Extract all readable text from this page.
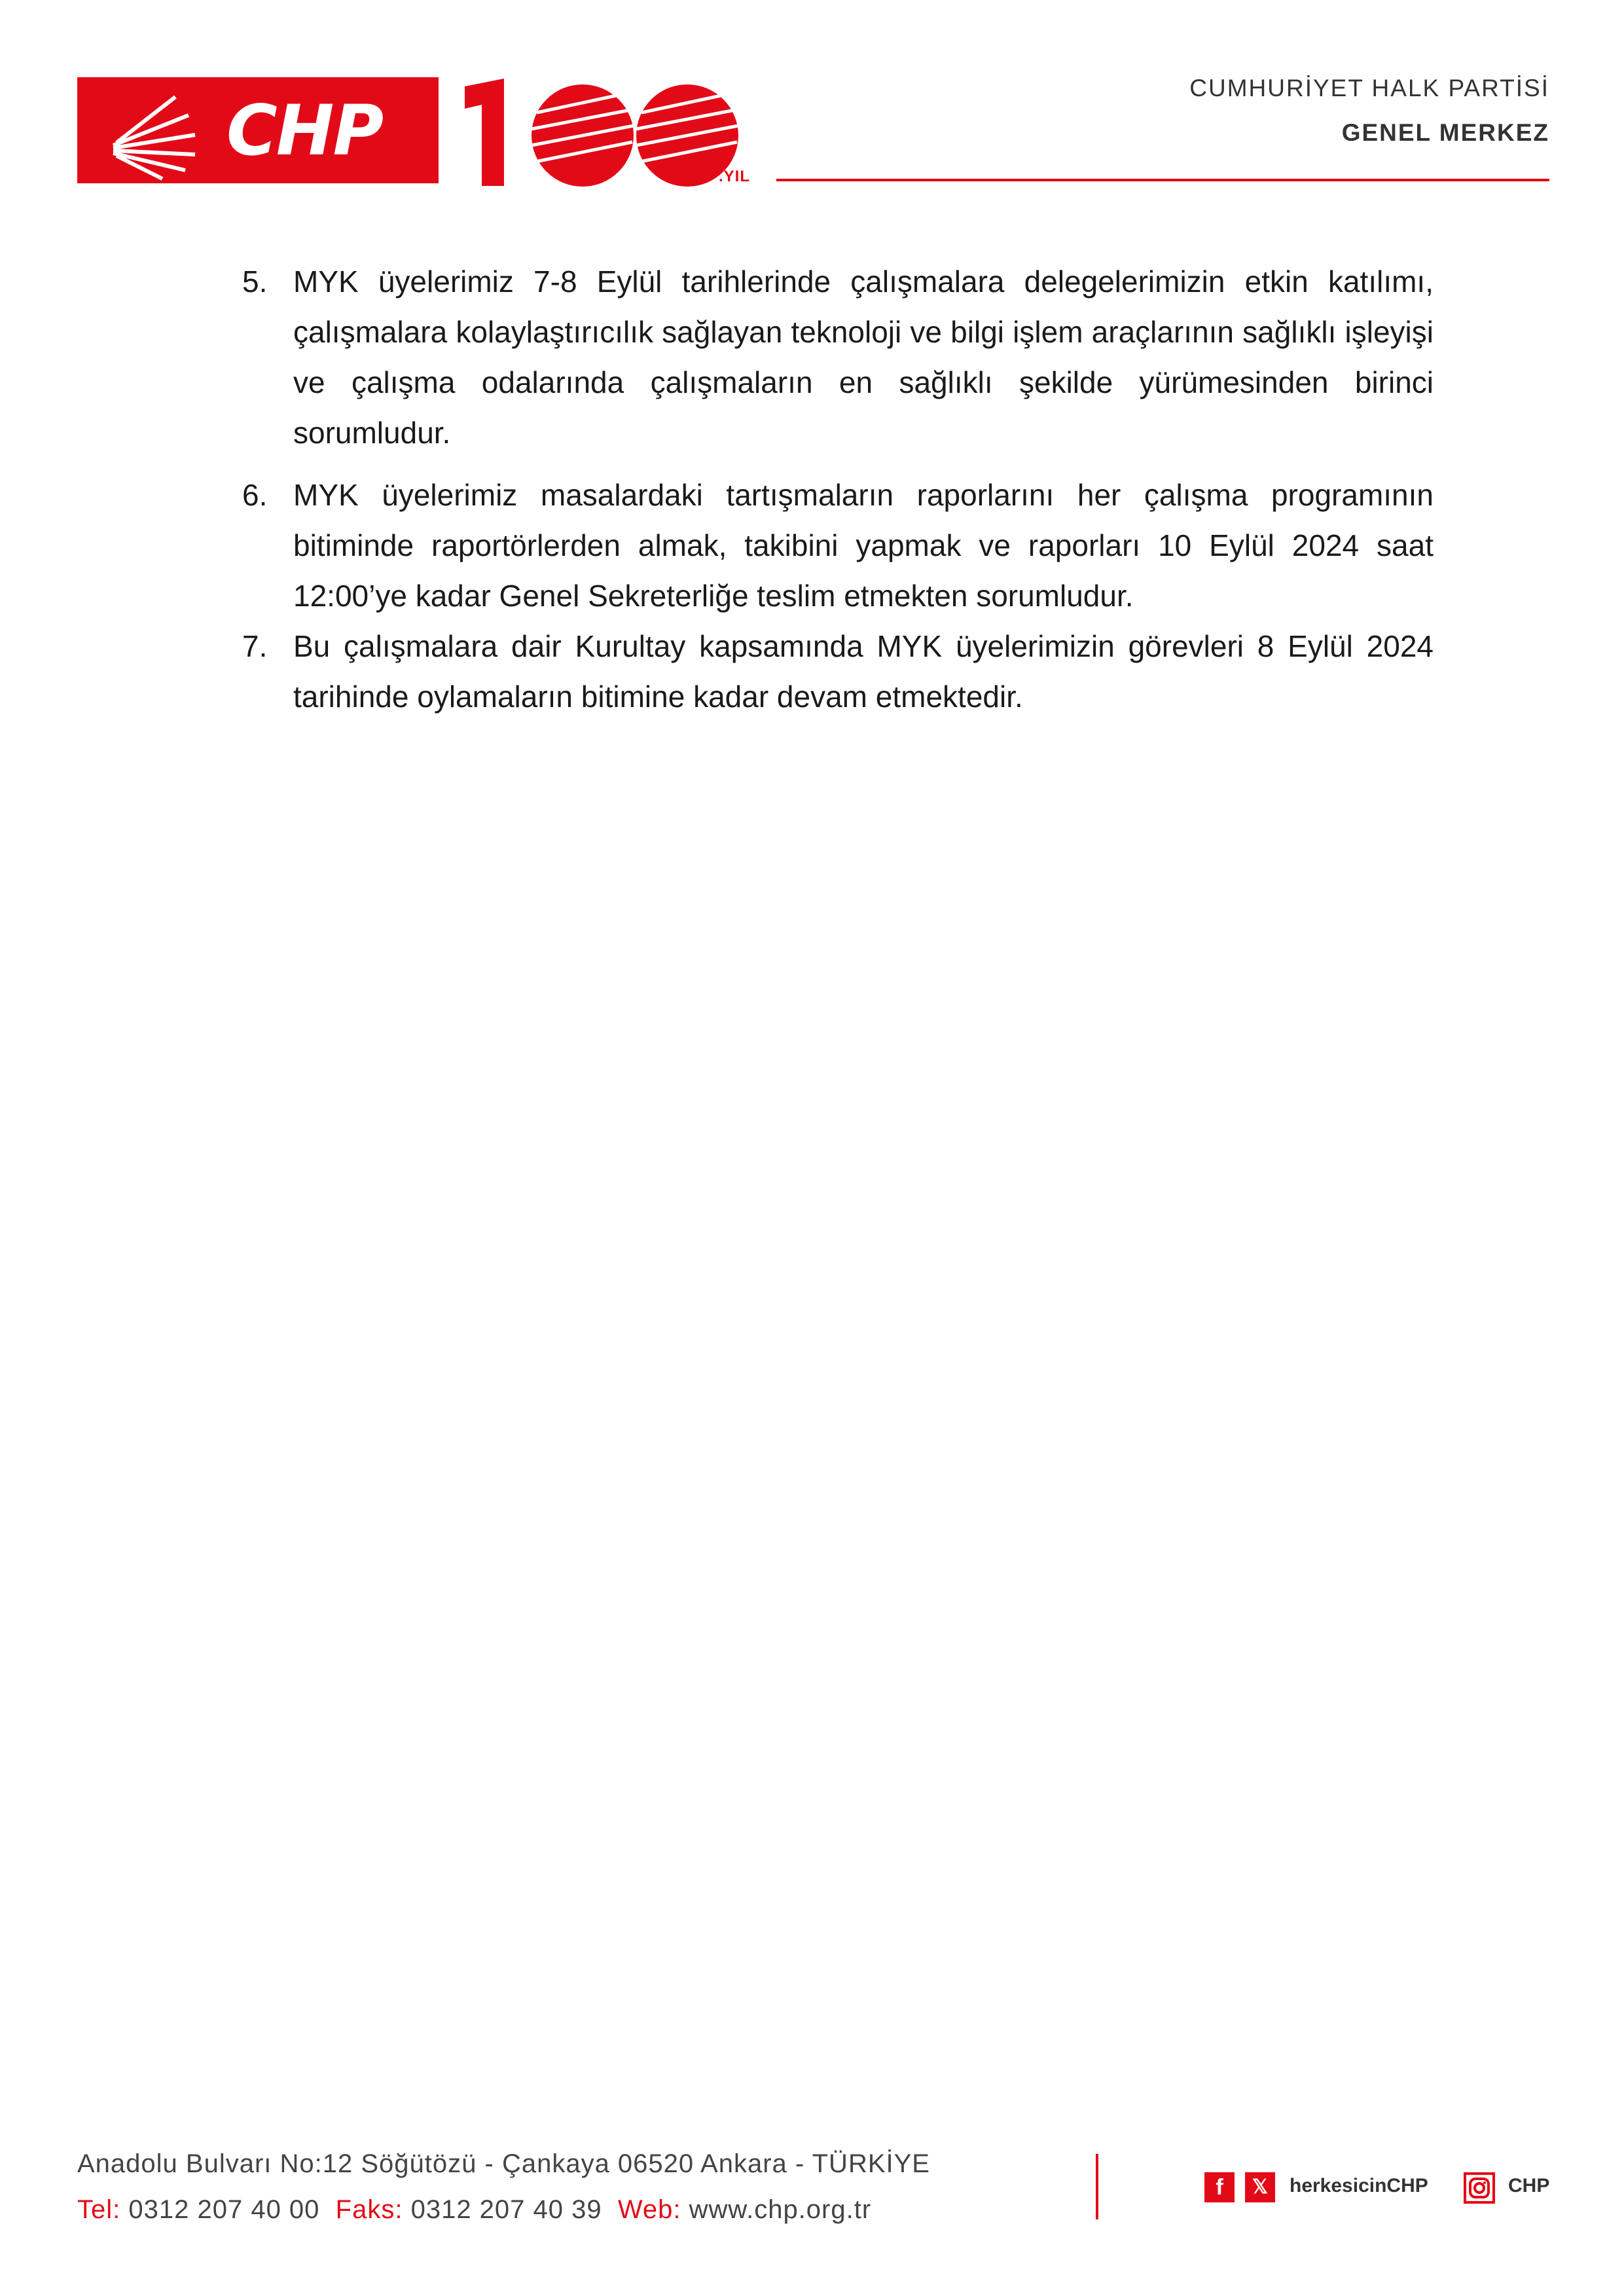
CHP
100
.YIL
CUMHURİYET HALK PARTİSİ
GENEL MERKEZ
5. MYK üyelerimiz 7-8 Eylül tarihlerinde çalışmalara delegelerimizin etkin katılımı, çalışmalara kolaylaştırıcılık sağlayan teknoloji ve bilgi işlem araçlarının sağlıklı işleyişi ve çalışma odalarında çalışmaların en sağlıklı şekilde yürümesinden birinci sorumludur.
6. MYK üyelerimiz masalardaki tartışmaların raporlarını her çalışma programının bitiminde raportörlerden almak, takibini yapmak ve raporları 10 Eylül 2024 saat 12:00’ye kadar Genel Sekreterliğe teslim etmekten sorumludur.
7. Bu çalışmalara dair Kurultay kapsamında MYK üyelerimizin görevleri 8 Eylül 2024 tarihinde oylamaların bitimine kadar devam etmektedir.
Anadolu Bulvarı No:12 Söğütözü - Çankaya 06520 Ankara - TÜRKİYE
Tel: 0312 207 40 00 Faks: 0312 207 40 39 Web: www.chp.org.tr
f	𝕏	herkesicinCHP	CHP
